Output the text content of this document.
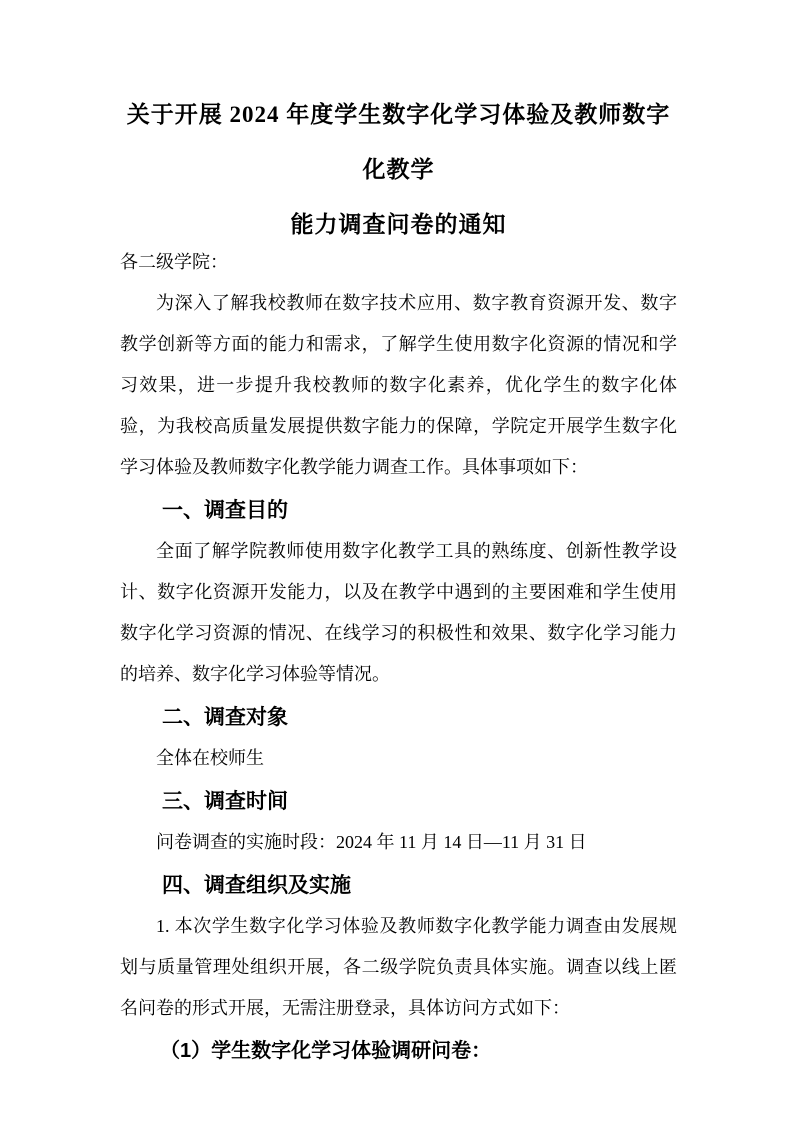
关于开展 2024 年度学生数字化学习体验及教师数字化教学
能力调查问卷的通知

各二级学院：

为深入了解我校教师在数字技术应用、数字教育资源开发、数字教学创新等方面的能力和需求，了解学生使用数字化资源的情况和学习效果，进一步提升我校教师的数字化素养，优化学生的数字化体验，为我校高质量发展提供数字能力的保障，学院定开展学生数字化学习体验及教师数字化教学能力调查工作。具体事项如下：

一、调查目的

全面了解学院教师使用数字化教学工具的熟练度、创新性教学设计、数字化资源开发能力，以及在教学中遇到的主要困难和学生使用数字化学习资源的情况、在线学习的积极性和效果、数字化学习能力的培养、数字化学习体验等情况。

二、调查对象

全体在校师生

三、调查时间

问卷调查的实施时段：2024 年 11 月 14 日—11 月 31 日

四、调查组织及实施

1. 本次学生数字化学习体验及教师数字化教学能力调查由发展规划与质量管理处组织开展，各二级学院负责具体实施。调查以线上匿名问卷的形式开展，无需注册登录，具体访问方式如下：

（1）学生数字化学习体验调研问卷：
